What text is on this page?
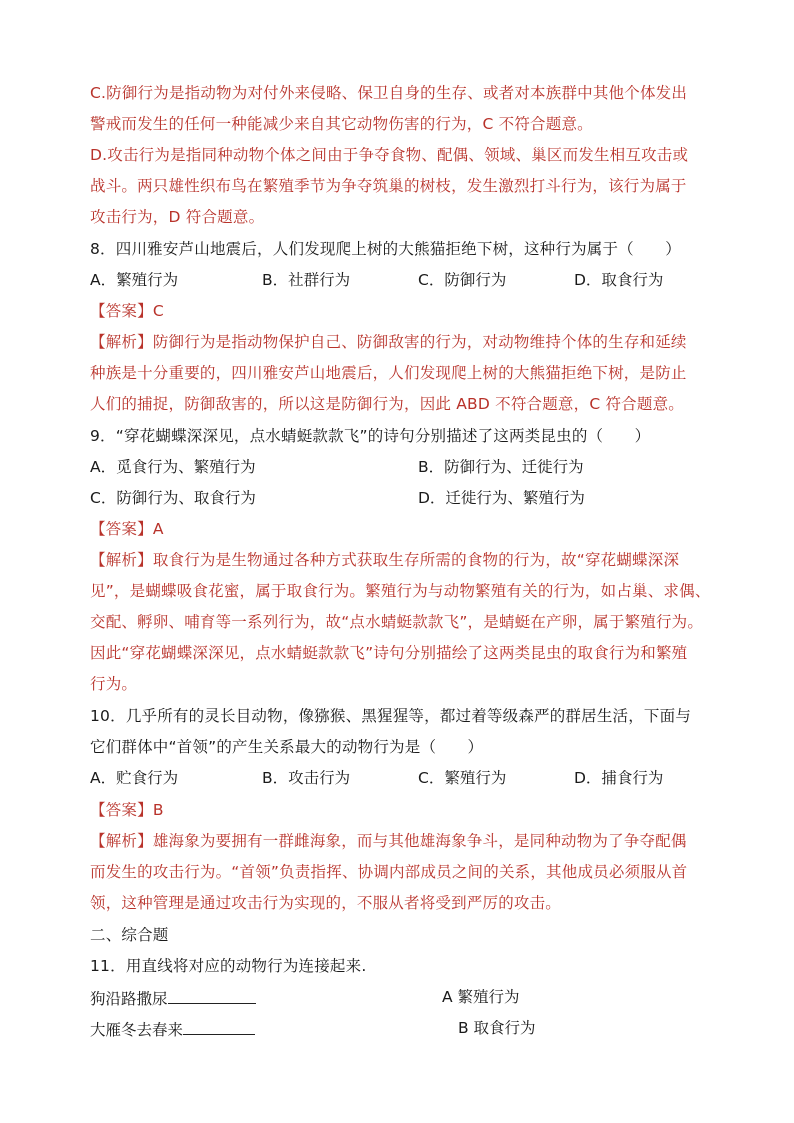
C.防御行为是指动物为对付外来侵略、保卫自身的生存、或者对本族群中其他个体发出
警戒而发生的任何一种能减少来自其它动物伤害的行为，C 不符合题意。
D.攻击行为是指同种动物个体之间由于争夺食物、配偶、领域、巢区而发生相互攻击或
战斗。两只雄性织布鸟在繁殖季节为争夺筑巢的树枝，发生激烈打斗行为，该行为属于
攻击行为，D 符合题意。
8．四川雅安芦山地震后，人们发现爬上树的大熊猫拒绝下树，这种行为属于（　　）
A．繁殖行为	B．社群行为	C．防御行为	D．取食行为
【答案】C
【解析】防御行为是指动物保护自己、防御敌害的行为，对动物维持个体的生存和延续
种族是十分重要的，四川雅安芦山地震后，人们发现爬上树的大熊猫拒绝下树，是防止
人们的捕捉，防御敌害的，所以这是防御行为，因此 ABD 不符合题意，C 符合题意。
9．“穿花蝴蝶深深见，点水蜻蜓款款飞”的诗句分别描述了这两类昆虫的（　　）
A．觅食行为、繁殖行为	B．防御行为、迁徙行为
C．防御行为、取食行为	D．迁徙行为、繁殖行为
【答案】A
【解析】取食行为是生物通过各种方式获取生存所需的食物的行为，故“穿花蝴蝶深深
见”，是蝴蝶吸食花蜜，属于取食行为。繁殖行为与动物繁殖有关的行为，如占巢、求偶、
交配、孵卵、哺育等一系列行为，故“点水蜻蜓款款飞”，是蜻蜓在产卵，属于繁殖行为。
因此“穿花蝴蝶深深见，点水蜻蜓款款飞”诗句分别描绘了这两类昆虫的取食行为和繁殖
行为。
10．几乎所有的灵长目动物，像猕猴、黑猩猩等，都过着等级森严的群居生活，下面与
它们群体中“首领”的产生关系最大的动物行为是（　　）
A．贮食行为	B．攻击行为	C．繁殖行为	D．捕食行为
【答案】B
【解析】雄海象为要拥有一群雌海象，而与其他雄海象争斗，是同种动物为了争夺配偶
而发生的攻击行为。“首领”负责指挥、协调内部成员之间的关系，其他成员必须服从首
领，这种管理是通过攻击行为实现的，不服从者将受到严厉的攻击。
二、综合题
11．用直线将对应的动物行为连接起来.
狗沿路撒尿	A 繁殖行为
大雁冬去春来	B 取食行为
